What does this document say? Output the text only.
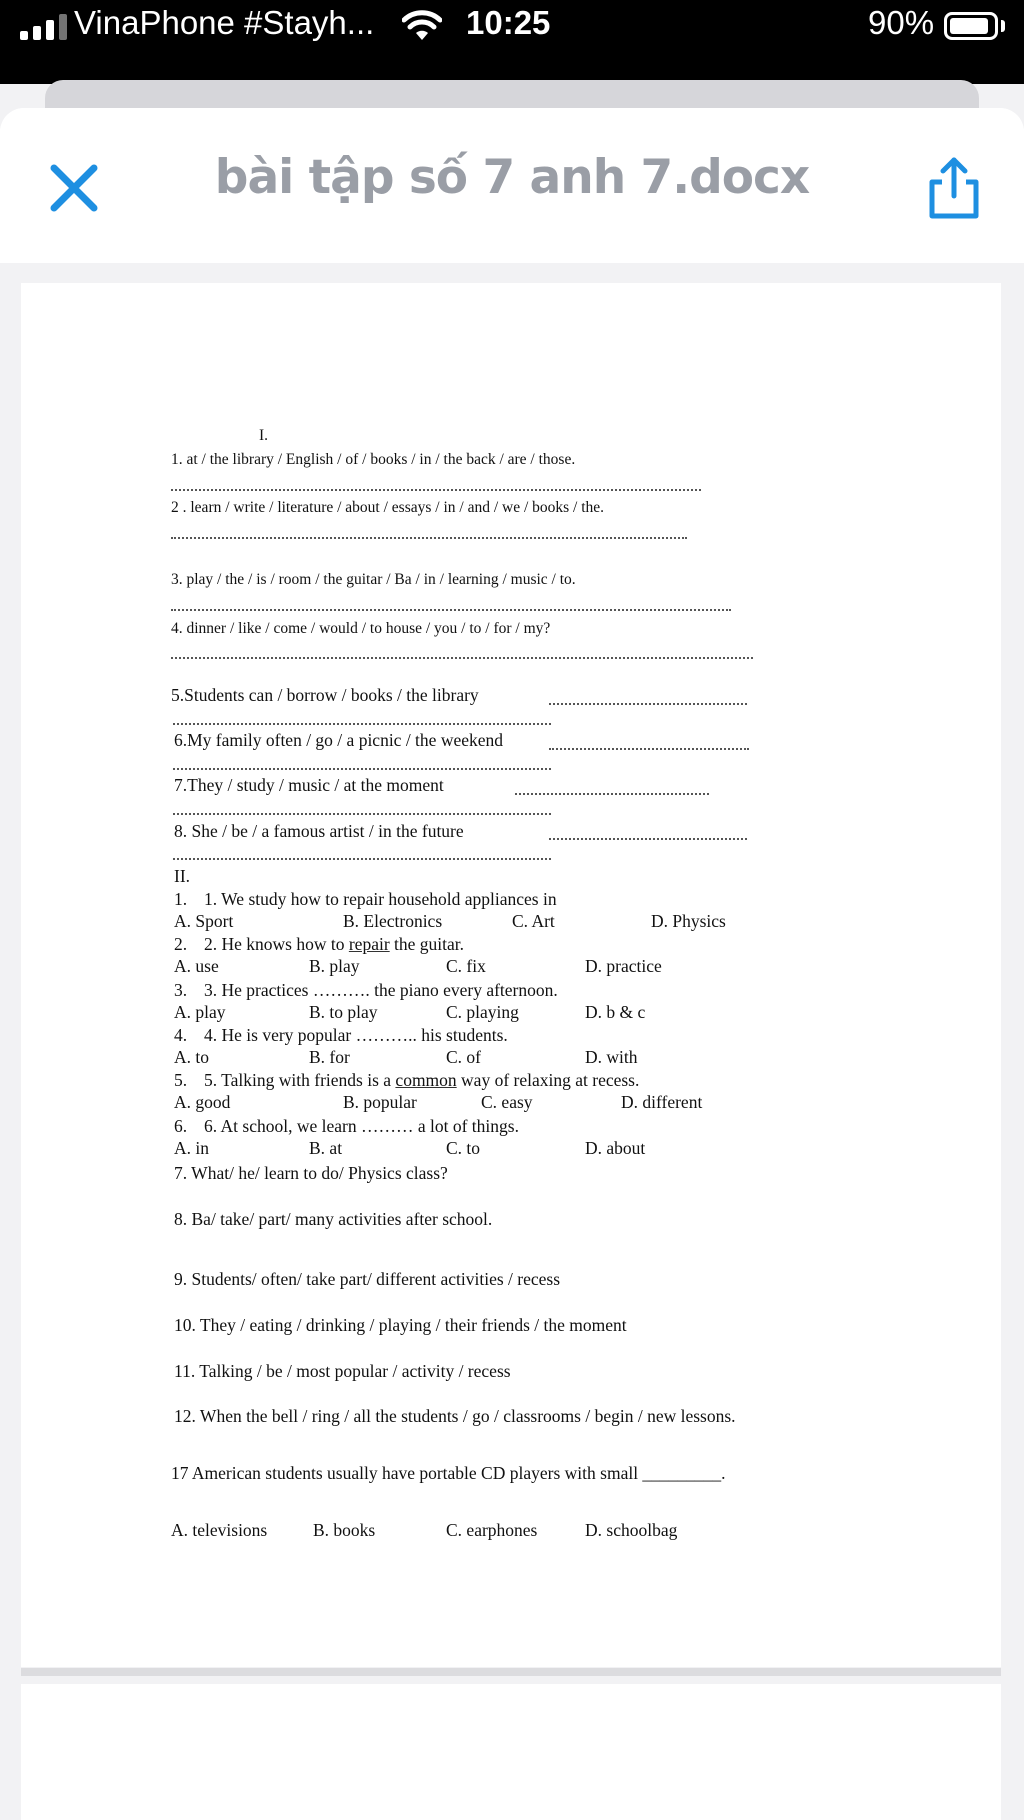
VinaPhone #Stayh...	10:25	90%
bài tập số 7 anh 7.docx
I.
1. at / the library / English / of / books / in / the back / are / those.
2 . learn / write / literature / about / essays / in / and / we / books / the.
3. play / the / is / room / the guitar / Ba / in / learning / music / to.
4. dinner / like / come / would / to house / you / to / for / my?
5.Students can / borrow / books / the library
6.My family often / go / a picnic / the weekend
7.They / study / music / at the moment
8. She / be / a famous artist / in the future
II.
1. 1. We study how to repair household appliances in
A. Sport	B. Electronics	C. Art	D. Physics
2. 2. He knows how to repair the guitar.
A. use	B. play	C. fix	D. practice
3. 3. He practices ………. the piano every afternoon.
A. play	B. to play	C. playing	D. b & c
4. 4. He is very popular ……….. his students.
A. to	B. for	C. of	D. with
5. 5. Talking with friends is a common way of relaxing at recess.
A. good	B. popular	C. easy	D. different
6. 6. At school, we learn ……… a lot of things.
A. in	B. at	C. to	D. about
7. What/ he/ learn to do/ Physics class?
8. Ba/ take/ part/ many activities after school.
9. Students/ often/ take part/ different activities / recess
10. They / eating / drinking / playing / their friends / the moment
11. Talking / be / most popular / activity / recess
12. When the bell / ring / all the students / go / classrooms / begin / new lessons.
17 American students usually have portable CD players with small _________.
A. televisions	B. books	C. earphones	D. schoolbag
